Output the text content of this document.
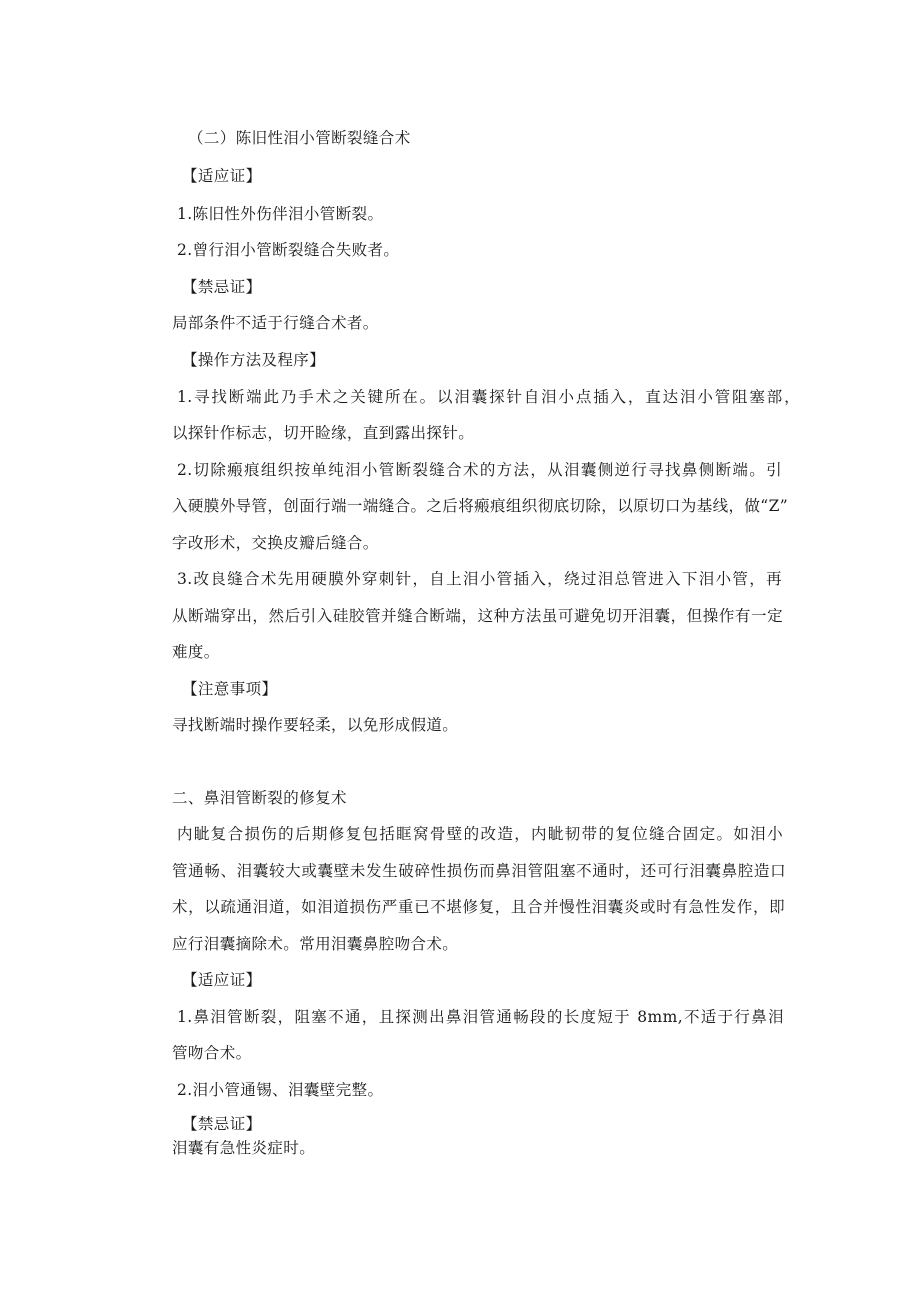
（二）陈旧性泪小管断裂缝合术
【适应证】
1.陈旧性外伤伴泪小管断裂。
2.曾行泪小管断裂缝合失败者。
【禁忌证】
局部条件不适于行缝合术者。
【操作方法及程序】
1.寻找断端此乃手术之关键所在。以泪囊探针自泪小点插入，直达泪小管阻塞部，
以探针作标志，切开睑缘，直到露出探针。
2.切除瘢痕组织按单纯泪小管断裂缝合术的方法，从泪囊侧逆行寻找鼻侧断端。引
入硬膜外导管，创面行端一端缝合。之后将瘢痕组织彻底切除，以原切口为基线，做“Z”
字改形术，交换皮瓣后缝合。
3.改良缝合术先用硬膜外穿刺针，自上泪小管插入，绕过泪总管进入下泪小管，再
从断端穿出，然后引入硅胶管并缝合断端，这种方法虽可避免切开泪囊，但操作有一定
难度。
【注意事项】
寻找断端时操作要轻柔，以免形成假道。
二、鼻泪管断裂的修复术
内眦复合损伤的后期修复包括眶窝骨壁的改造，内眦韧带的复位缝合固定。如泪小
管通畅、泪囊较大或囊壁未发生破碎性损伤而鼻泪管阻塞不通时，还可行泪囊鼻腔造口
术，以疏通泪道，如泪道损伤严重已不堪修复，且合并慢性泪囊炎或时有急性发作，即
应行泪囊摘除术。常用泪囊鼻腔吻合术。
【适应证】
1.鼻泪管断裂，阻塞不通，且探测出鼻泪管通畅段的长度短于 8mm,不适于行鼻泪
管吻合术。
2.泪小管通锡、泪囊壁完整。
【禁忌证】
泪囊有急性炎症时。
